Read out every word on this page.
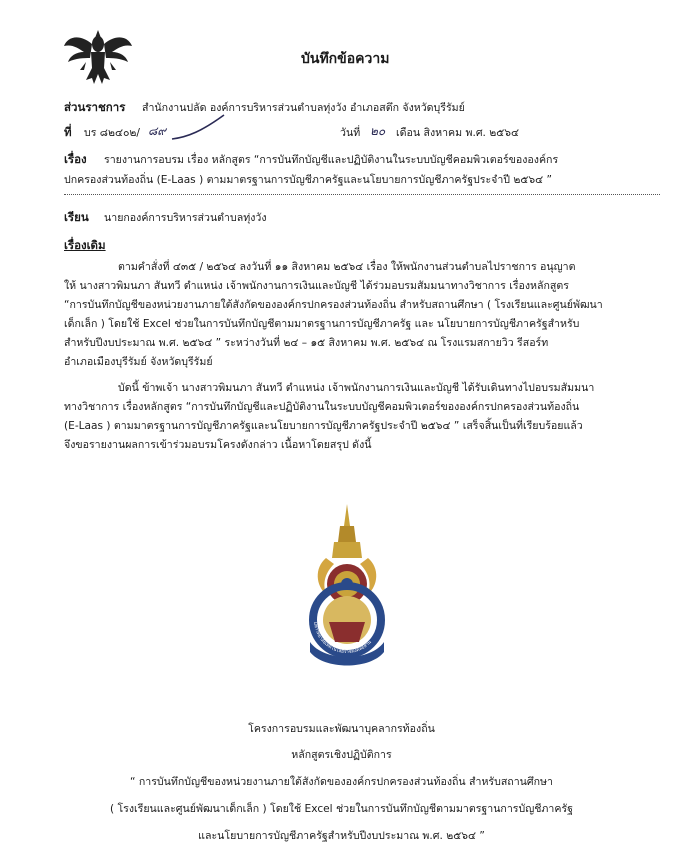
บันทึกข้อความ
ส่วนราชการ สำนักงานปลัด องค์การบริหารส่วนตำบลทุ่งวัง อำเภอสตึก จังหวัดบุรีรัมย์
ที่ บร ๘๒๔๐๒/ ๘๙	วันที่ ๒๐ เดือน สิงหาคม พ.ศ. ๒๕๖๔
เรื่อง รายงานการอบรม เรื่อง หลักสูตร “การบันทึกบัญชีและปฏิบัติงานในระบบบัญชีคอมพิวเตอร์ขององค์กร
ปกครองส่วนท้องถิ่น (E-Laas ) ตามมาตรฐานการบัญชีภาครัฐและนโยบายการบัญชีภาครัฐประจำปี ๒๕๖๔ ”
เรียน นายกองค์การบริหารส่วนตำบลทุ่งวัง
เรื่องเดิม
ตามคำสั่งที่ ๔๓๕ / ๒๕๖๔ ลงวันที่ ๑๑ สิงหาคม ๒๕๖๔ เรื่อง ให้พนักงานส่วนตำบลไปราชการ อนุญาต
ให้ นางสาวพิมนภา สันทวี ตำแหน่ง เจ้าพนักงานการเงินและบัญชี ได้ร่วมอบรมสัมมนาทางวิชาการ เรื่องหลักสูตร
“การบันทึกบัญชีของหน่วยงานภายใต้สังกัดขององค์กรปกครองส่วนท้องถิ่น สำหรับสถานศึกษา ( โรงเรียนและศูนย์พัฒนา
เด็กเล็ก ) โดยใช้ Excel ช่วยในการบันทึกบัญชีตามมาตรฐานการบัญชีภาครัฐ และ นโยบายการบัญชีภาครัฐสำหรับ
สำหรับปีงบประมาณ พ.ศ. ๒๕๖๔ ” ระหว่างวันที่ ๒๔ – ๑๕ สิงหาคม พ.ศ. ๒๕๖๔ ณ โรงแรมสกายวิว รีสอร์ท
อำเภอเมืองบุรีรัมย์ จังหวัดบุรีรัมย์
บัดนี้ ข้าพเจ้า นางสาวพิมนภา สันทวี ตำแหน่ง เจ้าพนักงานการเงินและบัญชี ได้รับเดินทางไปอบรมสัมมนา
ทางวิชาการ เรื่องหลักสูตร “การบันทึกบัญชีและปฏิบัติงานในระบบบัญชีคอมพิวเตอร์ขององค์กรปกครองส่วนท้องถิ่น
(E-Laas ) ตามมาตรฐานการบัญชีภาครัฐและนโยบายการบัญชีภาครัฐประจำปี ๒๕๖๔ ” เสร็จสิ้นเป็นที่เรียบร้อยแล้ว
จึงขอรายงานผลการเข้าร่วมอบรมโครงดังกล่าว เนื้อหาโดยสรุป ดังนี้
มหาวิทยาลัยเทคโนโลยีราชมงคลอีสาน
โครงการอบรมและพัฒนาบุคลากรท้องถิ่น
หลักสูตรเชิงปฏิบัติการ
“ การบันทึกบัญชีของหน่วยงานภายใต้สังกัดขององค์กรปกครองส่วนท้องถิ่น สำหรับสถานศึกษา
( โรงเรียนและศูนย์พัฒนาเด็กเล็ก ) โดยใช้ Excel ช่วยในการบันทึกบัญชีตามมาตรฐานการบัญชีภาครัฐ
และนโยบายการบัญชีภาครัฐสำหรับปีงบประมาณ พ.ศ. ๒๕๖๔ ”
